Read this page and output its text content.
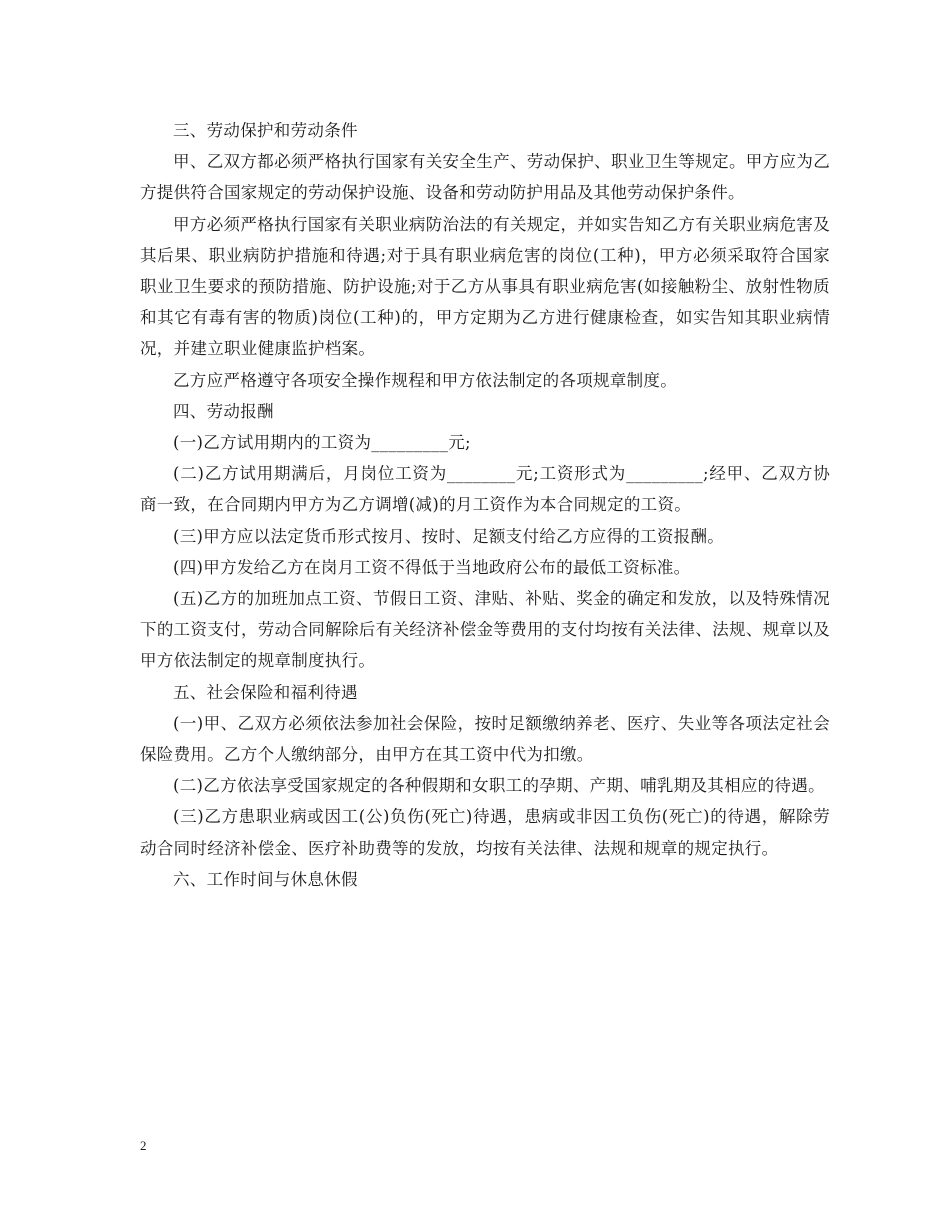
三、劳动保护和劳动条件

甲、乙双方都必须严格执行国家有关安全生产、劳动保护、职业卫生等规定。甲方应为乙方提供符合国家规定的劳动保护设施、设备和劳动防护用品及其他劳动保护条件。

甲方必须严格执行国家有关职业病防治法的有关规定，并如实告知乙方有关职业病危害及其后果、职业病防护措施和待遇;对于具有职业病危害的岗位(工种)，甲方必须采取符合国家职业卫生要求的预防措施、防护设施;对于乙方从事具有职业病危害(如接触粉尘、放射性物质和其它有毒有害的物质)岗位(工种)的，甲方定期为乙方进行健康检查，如实告知其职业病情况，并建立职业健康监护档案。

乙方应严格遵守各项安全操作规程和甲方依法制定的各项规章制度。

四、劳动报酬

(一)乙方试用期内的工资为_________元;

(二)乙方试用期满后，月岗位工资为________元;工资形式为_________;经甲、乙双方协商一致，在合同期内甲方为乙方调增(减)的月工资作为本合同规定的工资。

(三)甲方应以法定货币形式按月、按时、足额支付给乙方应得的工资报酬。

(四)甲方发给乙方在岗月工资不得低于当地政府公布的最低工资标准。

(五)乙方的加班加点工资、节假日工资、津贴、补贴、奖金的确定和发放，以及特殊情况下的工资支付，劳动合同解除后有关经济补偿金等费用的支付均按有关法律、法规、规章以及甲方依法制定的规章制度执行。

五、社会保险和福利待遇

(一)甲、乙双方必须依法参加社会保险，按时足额缴纳养老、医疗、失业等各项法定社会保险费用。乙方个人缴纳部分，由甲方在其工资中代为扣缴。

(二)乙方依法享受国家规定的各种假期和女职工的孕期、产期、哺乳期及其相应的待遇。

(三)乙方患职业病或因工(公)负伤(死亡)待遇，患病或非因工负伤(死亡)的待遇，解除劳动合同时经济补偿金、医疗补助费等的发放，均按有关法律、法规和规章的规定执行。

六、工作时间与休息休假

2
